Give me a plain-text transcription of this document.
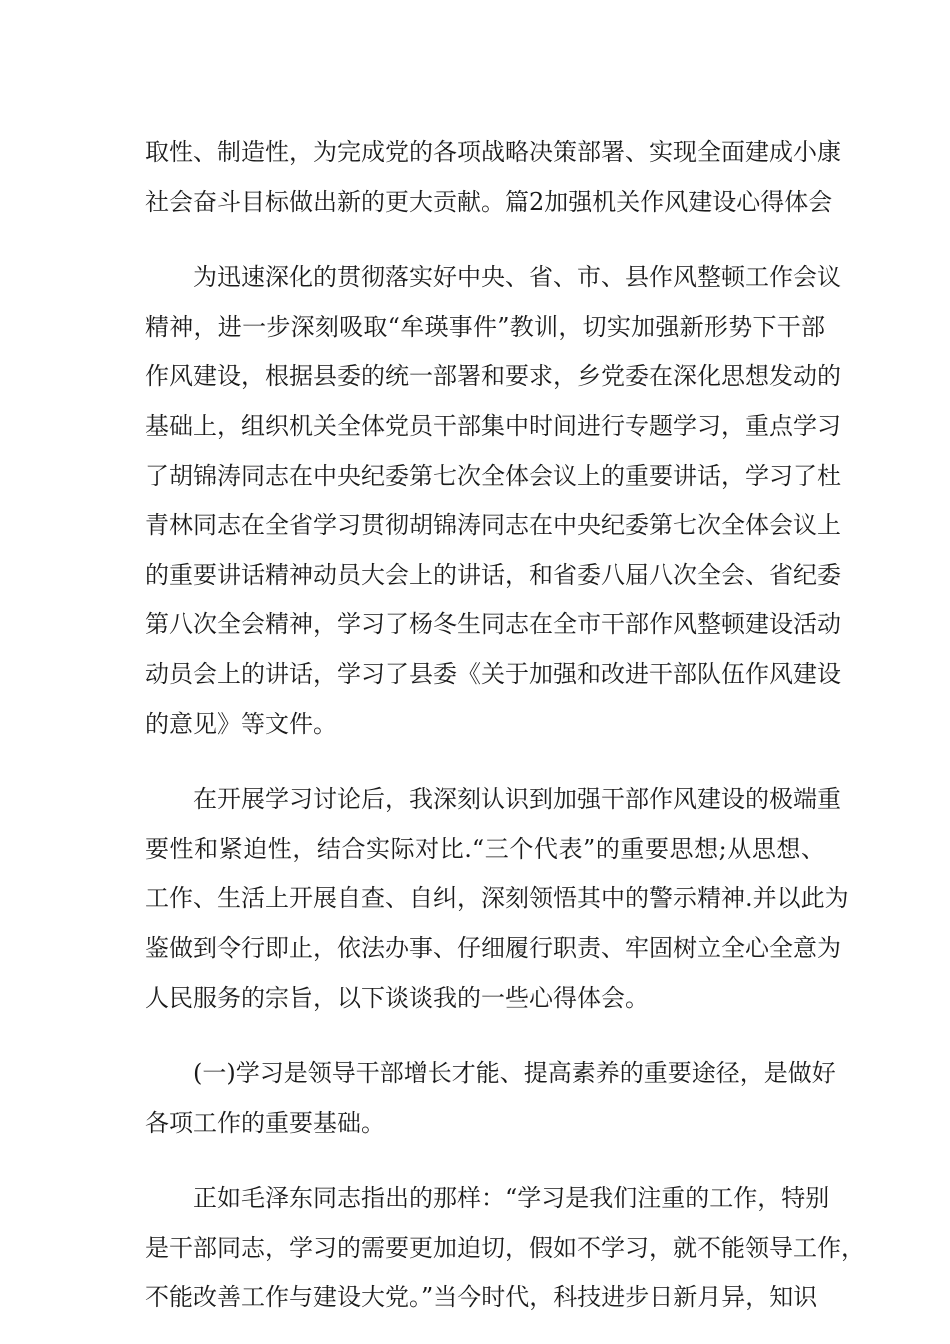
取性、制造性，为完成党的各项战略决策部署、实现全面建成小康
社会奋斗目标做出新的更大贡献。篇2加强机关作风建设心得体会
为迅速深化的贯彻落实好中央、省、市、县作风整顿工作会议
精神，进一步深刻吸取“牟瑛事件”教训，切实加强新形势下干部
作风建设，根据县委的统一部署和要求，乡党委在深化思想发动的
基础上，组织机关全体党员干部集中时间进行专题学习，重点学习
了胡锦涛同志在中央纪委第七次全体会议上的重要讲话，学习了杜
青林同志在全省学习贯彻胡锦涛同志在中央纪委第七次全体会议上
的重要讲话精神动员大会上的讲话，和省委八届八次全会、省纪委
第八次全会精神，学习了杨冬生同志在全市干部作风整顿建设活动
动员会上的讲话，学习了县委《关于加强和改进干部队伍作风建设
的意见》等文件。
在开展学习讨论后，我深刻认识到加强干部作风建设的极端重
要性和紧迫性，结合实际对比.“三个代表”的重要思想;从思想、
工作、生活上开展自查、自纠，深刻领悟其中的警示精神.并以此为
鉴做到令行即止，依法办事、仔细履行职责、牢固树立全心全意为
人民服务的宗旨，以下谈谈我的一些心得体会。
(一)学习是领导干部增长才能、提高素养的重要途径，是做好
各项工作的重要基础。
正如毛泽东同志指出的那样：“学习是我们注重的工作，特别
是干部同志，学习的需要更加迫切，假如不学习，就不能领导工作，
不能改善工作与建设大党。”当今时代，科技进步日新月异，知识
